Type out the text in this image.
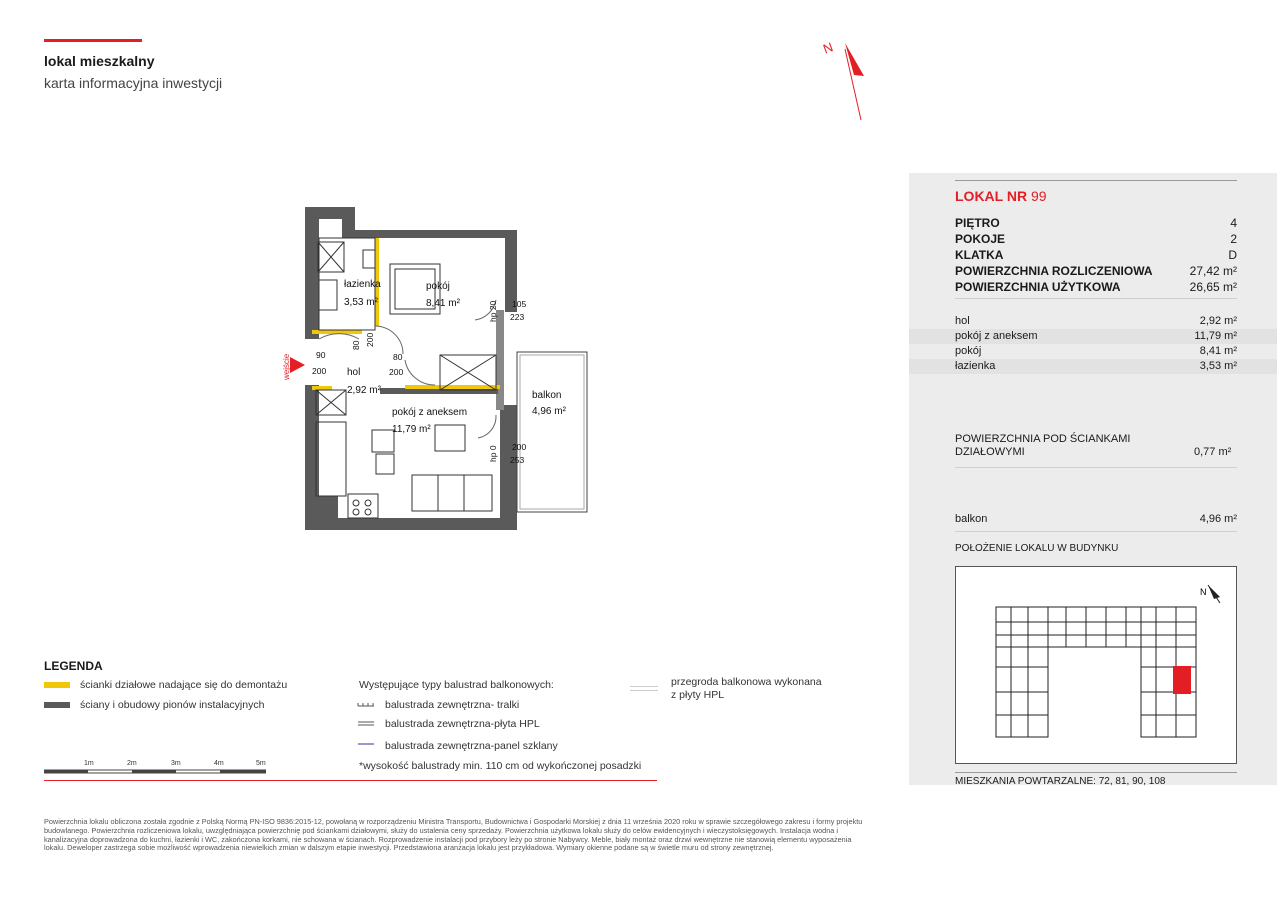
lokal mieszkalny
karta informacyjna inwestycji
N
wejście
łazienka
3,53 m²
pokój
8,41 m²
hol
2,92 m²
pokój z aneksem
11,79 m²
balkon
4,96 m²
90
200
80 200
80
200
105
223
hp 20
200
253
hp 0
LOKAL NR 99
PIĘTRO	4
POKOJE	2
KLATKA	D
POWIERZCHNIA ROZLICZENIOWA	27,42 m²
POWIERZCHNIA UŻYTKOWA	26,65 m²
hol	2,92 m²
pokój z aneksem	11,79 m²
pokój	8,41 m²
łazienka	3,53 m²
POWIERZCHNIA POD ŚCIANKAMI
DZIAŁOWYMI	0,77 m²
balkon	4,96 m²
POŁOŻENIE LOKALU W BUDYNKU
N
MIESZKANIA POWTARZALNE: 72, 81, 90, 108
LEGENDA
ścianki działowe nadające się do demontażu
ściany i obudowy pionów instalacyjnych
1m	2m	3m	4m	5m
Występujące typy balustrad balkonowych:
balustrada zewnętrzna- tralki
balustrada zewnętrzna-płyta HPL
balustrada zewnętrzna-panel szklany
*wysokość balustrady min. 110 cm od wykończonej posadzki
przegroda balkonowa wykonana
z płyty HPL
Powierzchnia lokalu obliczona została zgodnie z Polską Normą PN-ISO 9836:2015-12, powołaną w rozporządzeniu Ministra Transportu, Budownictwa i Gospodarki Morskiej z dnia 11 września 2020 roku w sprawie szczegółowego zakresu i formy projektu budowlanego. Powierzchnia rozliczeniowa lokalu, uwzględniająca powierzchnię pod ściankami działowymi, służy do ustalenia ceny sprzedaży. Powierzchnia użytkowa lokalu służy do celów ewidencyjnych i wieczystoksięgowych. Instalacja wodna i kanalizacyjna doprowadzona do kuchni, łazienki i WC, zakończona korkami, nie schowana w ścianach. Rozprowadzenie instalacji pod przybory leży po stronie Nabywcy. Meble, biały montaż oraz drzwi wewnętrzne nie stanowią elementu wyposażenia lokalu. Deweloper zastrzega sobie możliwość wprowadzenia niewielkich zmian w dalszym etapie inwestycji. Przedstawiona aranżacja lokalu jest przykładowa. Wymiary okienne podane są w świetle muru od strony zewnętrznej.
